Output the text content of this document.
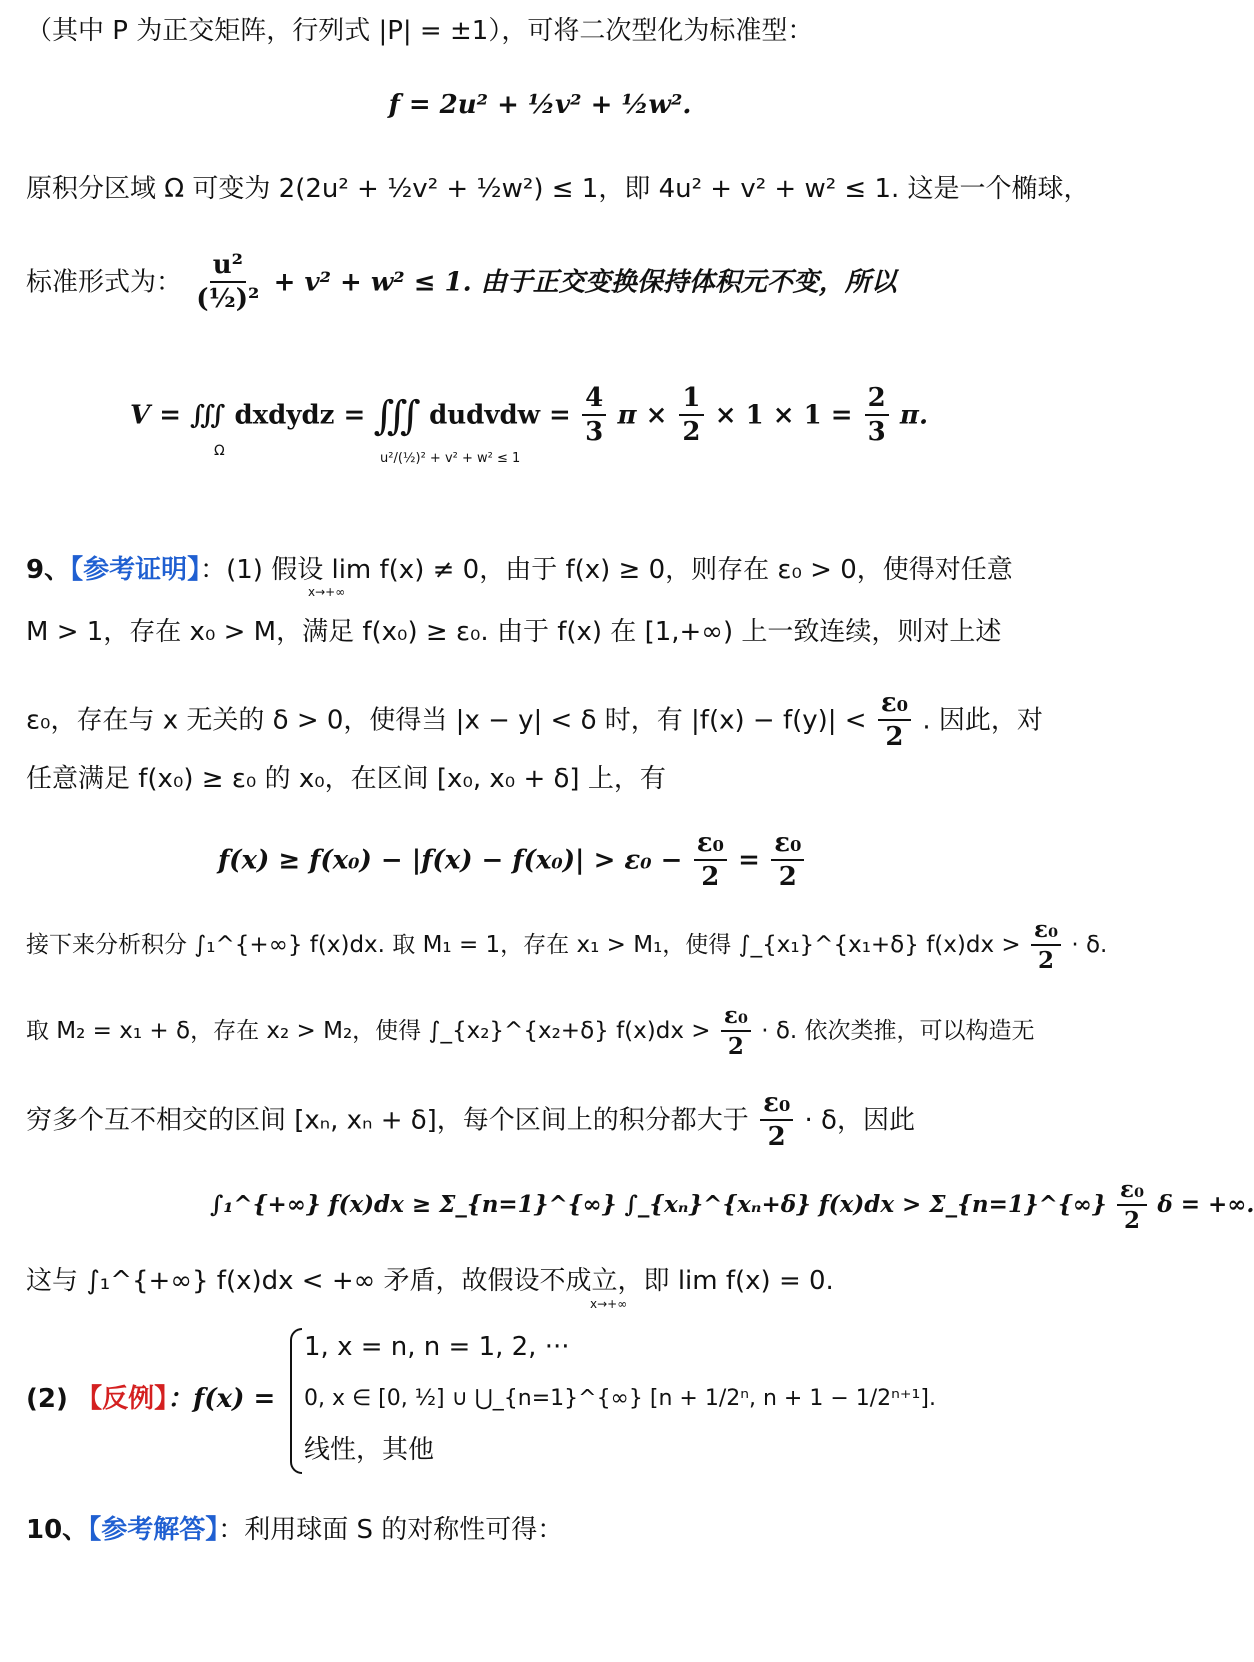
（其中 P 为正交矩阵，行列式 |P| = ±1），可将二次型化为标准型：
f = 2u² + ½v² + ½w².
原积分区域 Ω 可变为 2(2u² + ½v² + ½w²) ≤ 1，即 4u² + v² + w² ≤ 1. 这是一个椭球，
标准形式为： $\frac{\text{u²}}{\text{(½)²}} + v^2 + w^2 \le 1$. 由于正交变换保持体积元不变，所以
V = ∭ dxdydz = ∭ dudvdw = $\frac{4}{3}$ $\pi \times \frac{1}{2} \times 1 \times 1 = \frac{2}{3} \pi$.
Ω	u²/(½)² + v² + w² ≤ 1
9、【参考证明】：(1) 假设 lim f(x) ≠ 0，由于 f(x) ≥ 0，则存在 ε₀ > 0，使得对任意
x→+∞
M > 1，存在 x₀ > M，满足 f(x₀) ≥ ε₀. 由于 f(x) 在 [1,+∞) 上一致连续，则对上述
ε₀，存在与 x 无关的 δ > 0，使得当 |x − y| < δ 时，有 $|f(x) - f(y)| < \frac{\text{ε₀}}{2}$ . 因此，对
任意满足 f(x₀) ≥ ε₀ 的 x₀，在区间 [x₀, x₀ + δ] 上，有
$f(x) \ge f(x_0) - |f(x) - f(x_0)| > \varepsilon_0 - \frac{\text{ε₀}}{2} = \frac{\text{ε₀}}{2}$
接下来分析积分 ∫₁^{+∞} f(x)dx. 取 M₁ = 1，存在 x₁ > M₁，使得 ∫_{x₁}^{x₁+δ} $f(x)dx > \frac{\text{ε₀}}{2} \cdot \delta$.
取 M₂ = x₁ + δ，存在 x₂ > M₂，使得 ∫_{x₂}^{x₂+δ} $f(x)dx > \frac{\text{ε₀}}{2} \cdot \delta$. 依次类推，可以构造无
穷多个互不相交的区间 [xₙ, xₙ + δ]，每个区间上的积分都大于 $\frac{\text{ε₀}}{2} \cdot \delta$，因此
∫₁^{+∞} f(x)dx ≥ Σ_{n=1}^{∞} ∫_{xₙ}^{xₙ+δ} f(x)dx > Σ_{n=1}^{∞} $\frac{\text{ε₀}}{2}$ δ = +∞.
这与 ∫₁^{+∞} f(x)dx < +∞ 矛盾，故假设不成立，即 lim f(x) = 0.
x→+∞
(2) 【反例】：f(x) =
1, x = n, n = 1, 2, ···
0, x ∈ [0, ½] ∪ ⋃_{n=1}^{∞} [n + 1/2ⁿ, n + 1 − 1/2ⁿ⁺¹].
线性，其他
10、【参考解答】：利用球面 S 的对称性可得：
